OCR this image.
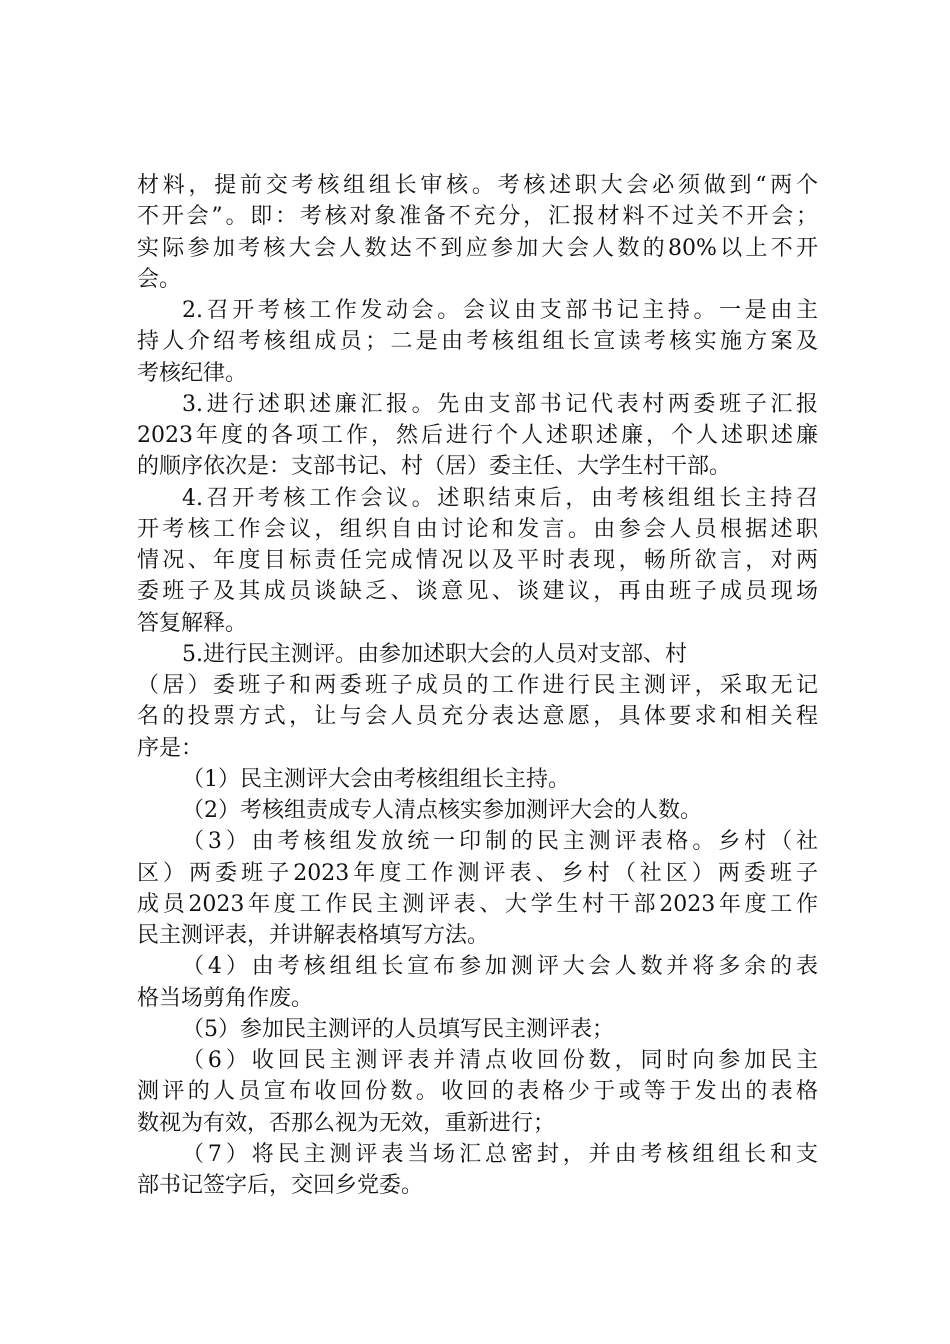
材料，提前交考核组组长审核。考核述职大会必须做到“两个
不开会”。即：考核对象准备不充分，汇报材料不过关不开会；
实际参加考核大会人数达不到应参加大会人数的80%以上不开
会。
2.召开考核工作发动会。会议由支部书记主持。一是由主
持人介绍考核组成员；二是由考核组组长宣读考核实施方案及
考核纪律。
3.进行述职述廉汇报。先由支部书记代表村两委班子汇报
2023年度的各项工作，然后进行个人述职述廉，个人述职述廉
的顺序依次是：支部书记、村（居）委主任、大学生村干部。
4.召开考核工作会议。述职结束后，由考核组组长主持召
开考核工作会议，组织自由讨论和发言。由参会人员根据述职
情况、年度目标责任完成情况以及平时表现，畅所欲言，对两
委班子及其成员谈缺乏、谈意见、谈建议，再由班子成员现场
答复解释。
5.进行民主测评。由参加述职大会的人员对支部、村
（居）委班子和两委班子成员的工作进行民主测评，采取无记
名的投票方式，让与会人员充分表达意愿，具体要求和相关程
序是：
（1）民主测评大会由考核组组长主持。
（2）考核组责成专人清点核实参加测评大会的人数。
（3）由考核组发放统一印制的民主测评表格。乡村（社
区）两委班子2023年度工作测评表、乡村（社区）两委班子
成员2023年度工作民主测评表、大学生村干部2023年度工作
民主测评表，并讲解表格填写方法。
（4）由考核组组长宣布参加测评大会人数并将多余的表
格当场剪角作废。
（5）参加民主测评的人员填写民主测评表；
（6）收回民主测评表并清点收回份数，同时向参加民主
测评的人员宣布收回份数。收回的表格少于或等于发出的表格
数视为有效，否那么视为无效，重新进行；
（7）将民主测评表当场汇总密封，并由考核组组长和支
部书记签字后，交回乡党委。
